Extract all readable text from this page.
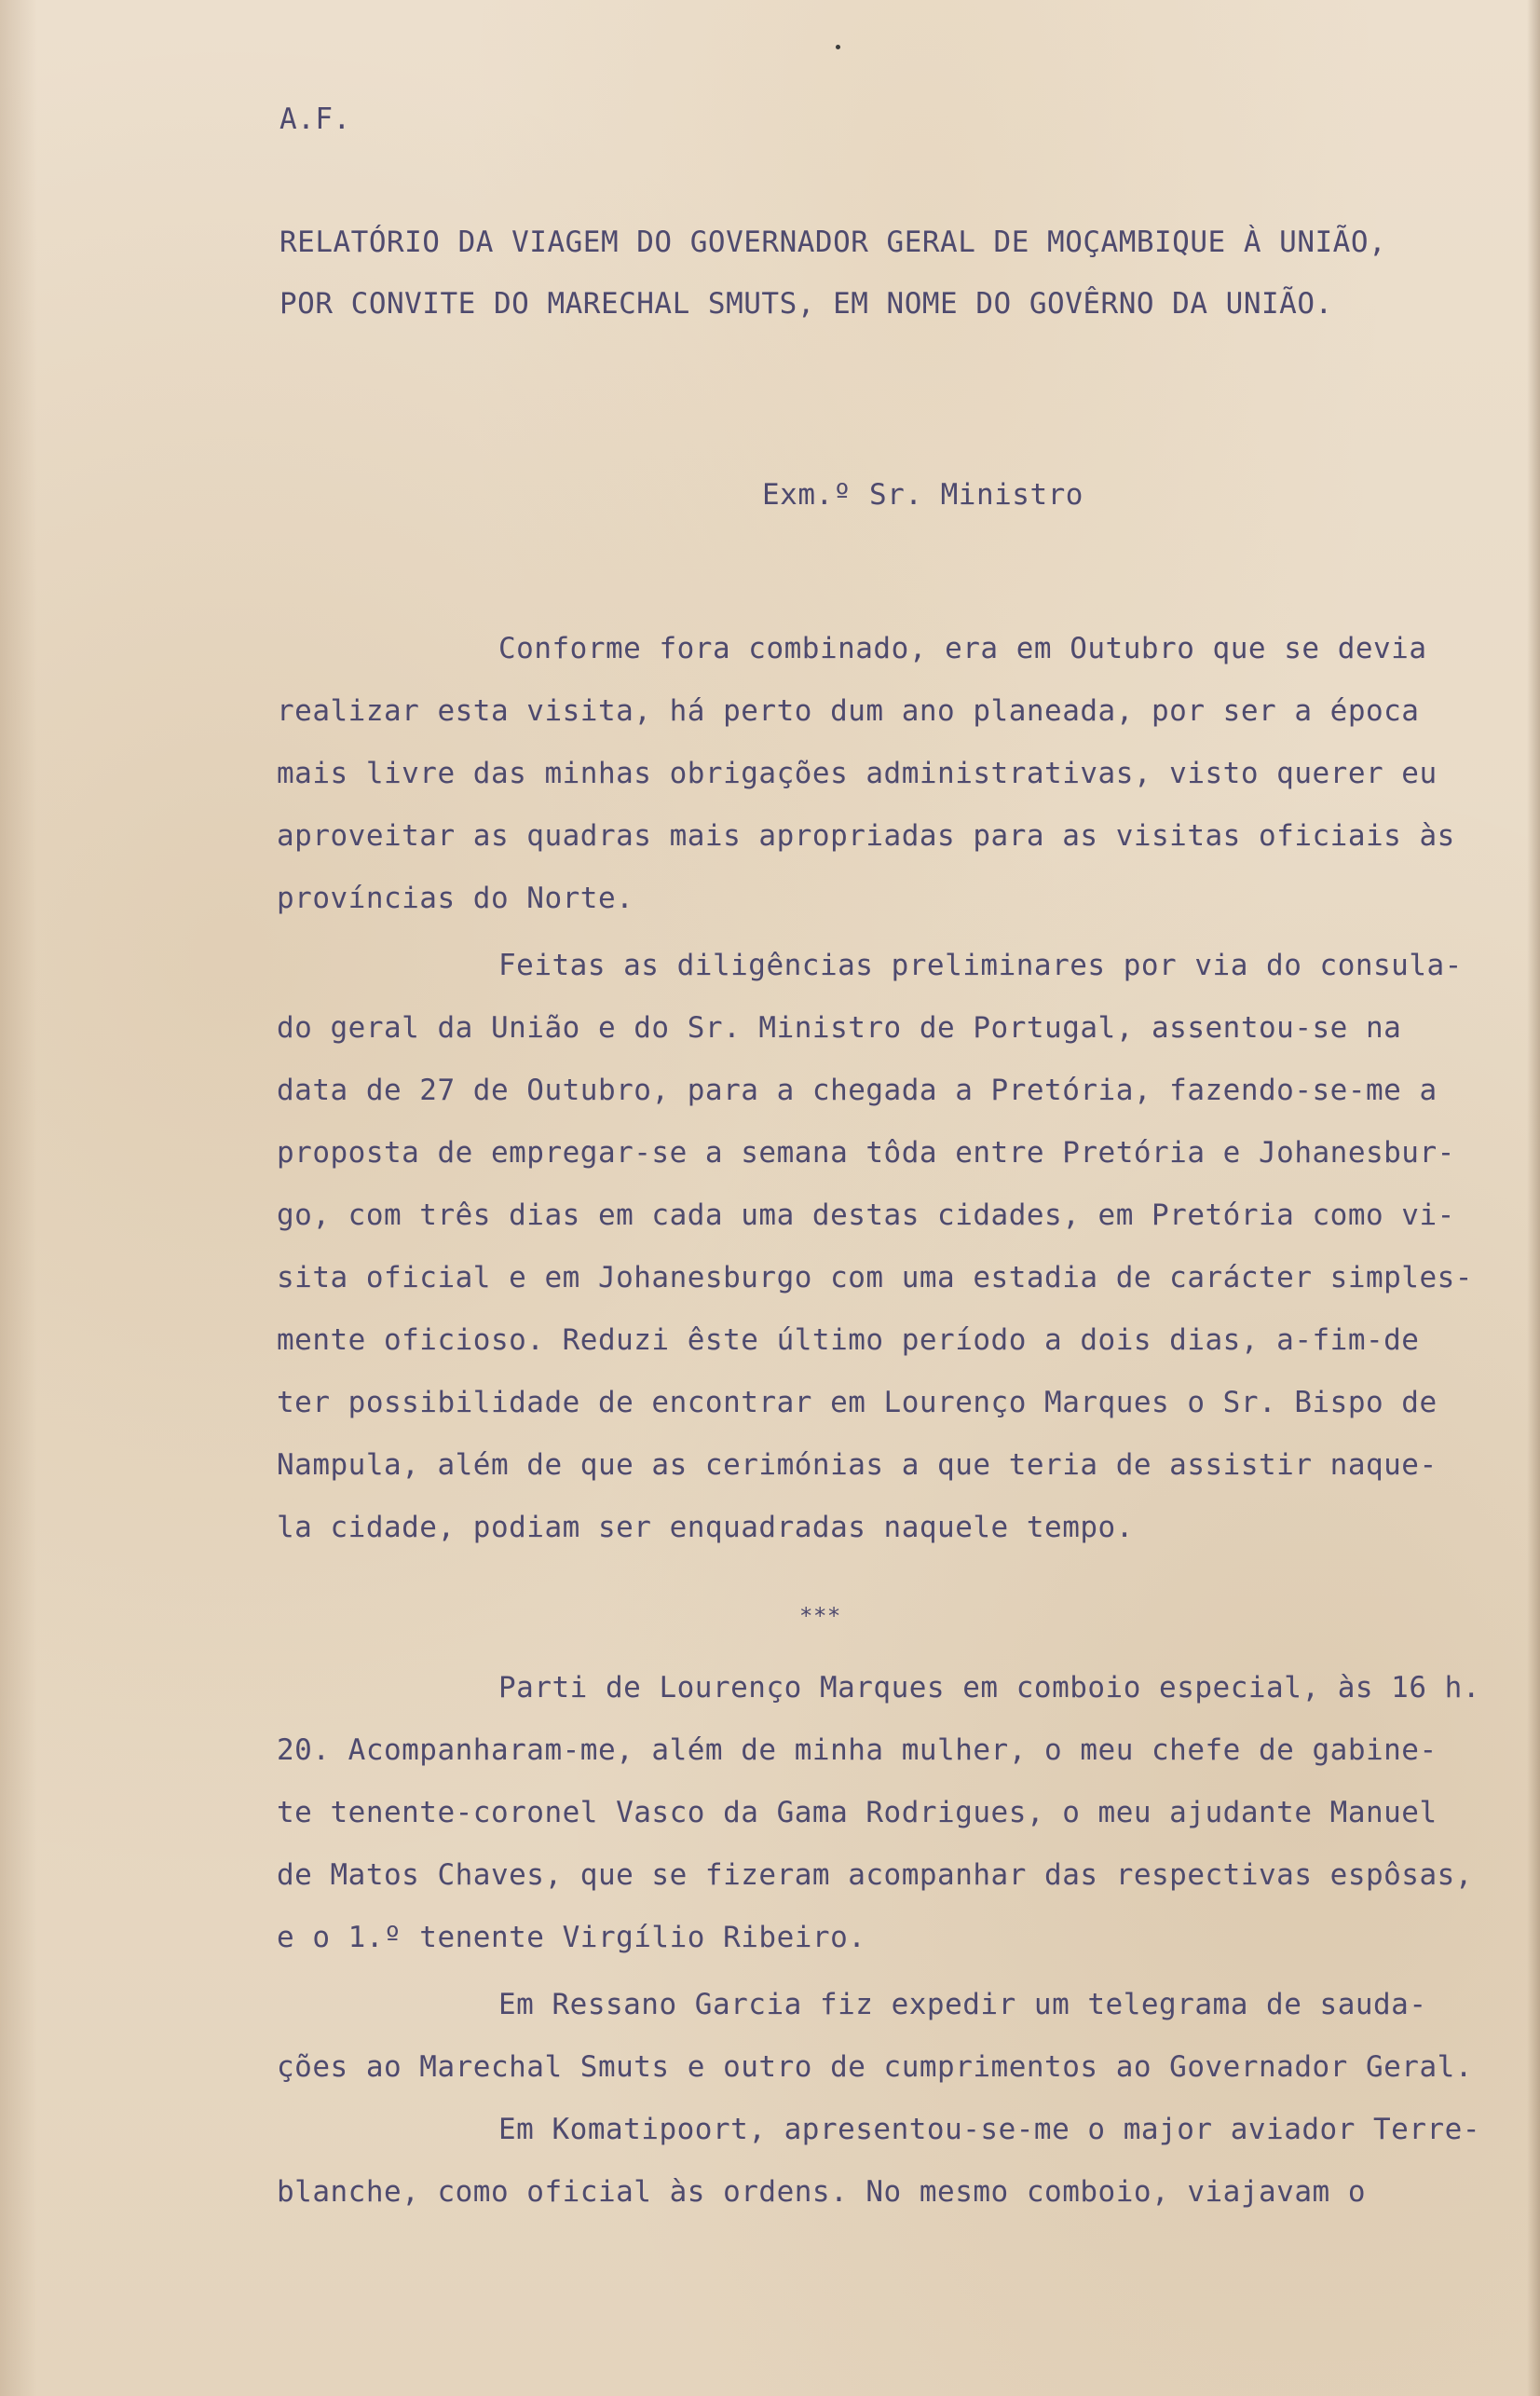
A.F.
RELATÓRIO DA VIAGEM DO GOVERNADOR GERAL DE MOÇAMBIQUE À UNIÃO,
POR CONVITE DO MARECHAL SMUTS, EM NOME DO GOVÊRNO DA UNIÃO.
Exm.º Sr. Ministro
Conforme fora combinado, era em Outubro que se devia
realizar esta visita, há perto dum ano planeada, por ser a época
mais livre das minhas obrigações administrativas, visto querer eu
aproveitar as quadras mais apropriadas para as visitas oficiais às
províncias do Norte.
Feitas as diligências preliminares por via do consula-
do geral da União e do Sr. Ministro de Portugal, assentou-se na
data de 27 de Outubro, para a chegada a Pretória, fazendo-se-me a
proposta de empregar-se a semana tôda entre Pretória e Johanesbur-
go, com três dias em cada uma destas cidades, em Pretória como vi-
sita oficial e em Johanesburgo com uma estadia de carácter simples-
mente oficioso. Reduzi êste último período a dois dias, a-fim-de
ter possibilidade de encontrar em Lourenço Marques o Sr. Bispo de
Nampula, além de que as cerimónias a que teria de assistir naque-
la cidade, podiam ser enquadradas naquele tempo.
***
Parti de Lourenço Marques em comboio especial, às 16 h.
20. Acompanharam-me, além de minha mulher, o meu chefe de gabine-
te tenente-coronel Vasco da Gama Rodrigues, o meu ajudante Manuel
de Matos Chaves, que se fizeram acompanhar das respectivas espôsas,
e o 1.º tenente Virgílio Ribeiro.
Em Ressano Garcia fiz expedir um telegrama de sauda-
ções ao Marechal Smuts e outro de cumprimentos ao Governador Geral.
Em Komatipoort, apresentou-se-me o major aviador Terre-
blanche, como oficial às ordens. No mesmo comboio, viajavam o
